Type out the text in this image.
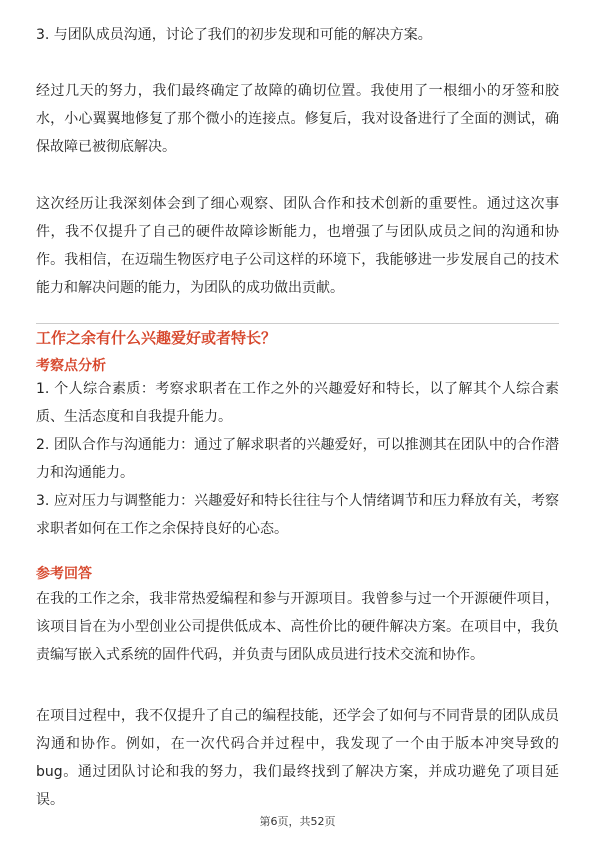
3. 与团队成员沟通，讨论了我们的初步发现和可能的解决方案。

经过几天的努力，我们最终确定了故障的确切位置。我使用了一根细小的牙签和胶水，小心翼翼地修复了那个微小的连接点。修复后，我对设备进行了全面的测试，确保故障已被彻底解决。

这次经历让我深刻体会到了细心观察、团队合作和技术创新的重要性。通过这次事件，我不仅提升了自己的硬件故障诊断能力，也增强了与团队成员之间的沟通和协作。我相信，在迈瑞生物医疗电子公司这样的环境下，我能够进一步发展自己的技术能力和解决问题的能力，为团队的成功做出贡献。

工作之余有什么兴趣爱好或者特长？
考察点分析

1. 个人综合素质：考察求职者在工作之外的兴趣爱好和特长，以了解其个人综合素质、生活态度和自我提升能力。

2. 团队合作与沟通能力：通过了解求职者的兴趣爱好，可以推测其在团队中的合作潜力和沟通能力。

3. 应对压力与调整能力：兴趣爱好和特长往往与个人情绪调节和压力释放有关，考察求职者如何在工作之余保持良好的心态。

参考回答

在我的工作之余，我非常热爱编程和参与开源项目。我曾参与过一个开源硬件项目，该项目旨在为小型创业公司提供低成本、高性价比的硬件解决方案。在项目中，我负责编写嵌入式系统的固件代码，并负责与团队成员进行技术交流和协作。

在项目过程中，我不仅提升了自己的编程技能，还学会了如何与不同背景的团队成员沟通和协作。例如，在一次代码合并过程中，我发现了一个由于版本冲突导致的bug。通过团队讨论和我的努力，我们最终找到了解决方案，并成功避免了项目延误。

第6页，共52页
